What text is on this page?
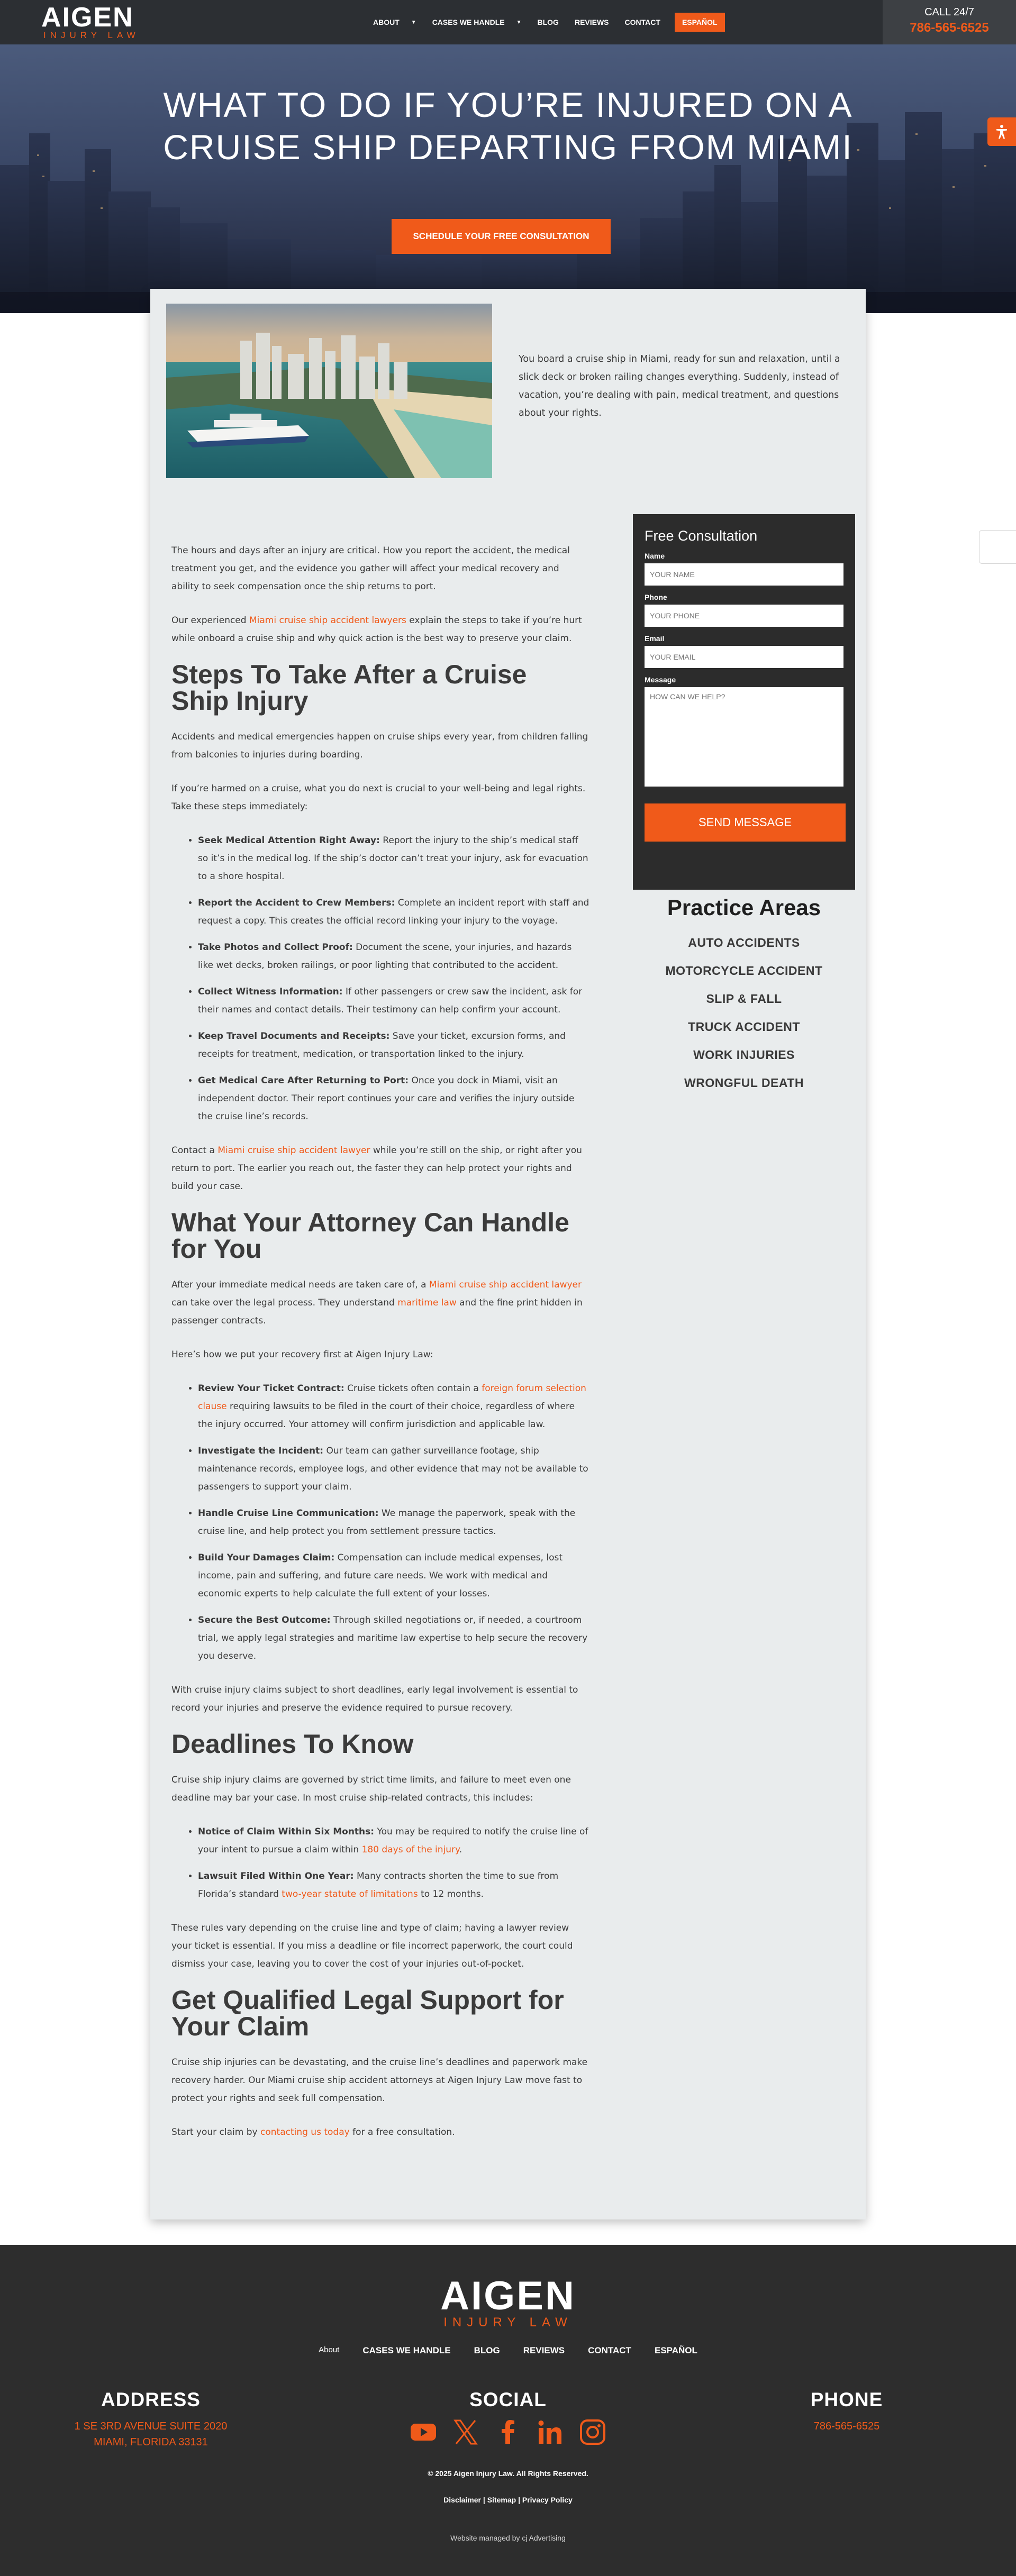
AIGEN
INJURY LAW
ABOUT ▼ CASES WE HANDLE ▼	BLOG	REVIEWS	CONTACT	ESPAÑOL
CALL 24/7
786-565-6525
WHAT TO DO IF YOU’RE INJURED ON A CRUISE SHIP DEPARTING FROM MIAMI
SCHEDULE YOUR FREE CONSULTATION

You board a cruise ship in Miami, ready for sun and relaxation, until a slick deck or broken railing changes everything. Suddenly, instead of vacation, you’re dealing with pain, medical treatment, and questions about your rights.

The hours and days after an injury are critical. How you report the accident, the medical treatment you get, and the evidence you gather will affect your medical recovery and ability to seek compensation once the ship returns to port.

Our experienced Miami cruise ship accident lawyers explain the steps to take if you’re hurt while onboard a cruise ship and why quick action is the best way to preserve your claim.

Steps To Take After a Cruise Ship Injury

Accidents and medical emergencies happen on cruise ships every year, from children falling from balconies to injuries during boarding.

If you’re harmed on a cruise, what you do next is crucial to your well-being and legal rights. Take these steps immediately:

• Seek Medical Attention Right Away: Report the injury to the ship’s medical staff so it’s in the medical log. If the ship’s doctor can’t treat your injury, ask for evacuation to a shore hospital.
• Report the Accident to Crew Members: Complete an incident report with staff and request a copy. This creates the official record linking your injury to the voyage.
• Take Photos and Collect Proof: Document the scene, your injuries, and hazards like wet decks, broken railings, or poor lighting that contributed to the accident.
• Collect Witness Information: If other passengers or crew saw the incident, ask for their names and contact details. Their testimony can help confirm your account.
• Keep Travel Documents and Receipts: Save your ticket, excursion forms, and receipts for treatment, medication, or transportation linked to the injury.
• Get Medical Care After Returning to Port: Once you dock in Miami, visit an independent doctor. Their report continues your care and verifies the injury outside the cruise line’s records.

Contact a Miami cruise ship accident lawyer while you’re still on the ship, or right after you return to port. The earlier you reach out, the faster they can help protect your rights and build your case.

What Your Attorney Can Handle for You

After your immediate medical needs are taken care of, a Miami cruise ship accident lawyer can take over the legal process. They understand maritime law and the fine print hidden in passenger contracts.

Here’s how we put your recovery first at Aigen Injury Law:

• Review Your Ticket Contract: Cruise tickets often contain a foreign forum selection clause requiring lawsuits to be filed in the court of their choice, regardless of where the injury occurred. Your attorney will confirm jurisdiction and applicable law.
• Investigate the Incident: Our team can gather surveillance footage, ship maintenance records, employee logs, and other evidence that may not be available to passengers to support your claim.
• Handle Cruise Line Communication: We manage the paperwork, speak with the cruise line, and help protect you from settlement pressure tactics.
• Build Your Damages Claim: Compensation can include medical expenses, lost income, pain and suffering, and future care needs. We work with medical and economic experts to help calculate the full extent of your losses.
• Secure the Best Outcome: Through skilled negotiations or, if needed, a courtroom trial, we apply legal strategies and maritime law expertise to help secure the recovery you deserve.

With cruise injury claims subject to short deadlines, early legal involvement is essential to record your injuries and preserve the evidence required to pursue recovery.

Deadlines To Know

Cruise ship injury claims are governed by strict time limits, and failure to meet even one deadline may bar your case. In most cruise ship-related contracts, this includes:

• Notice of Claim Within Six Months: You may be required to notify the cruise line of your intent to pursue a claim within 180 days of the injury.
• Lawsuit Filed Within One Year: Many contracts shorten the time to sue from Florida’s standard two-year statute of limitations to 12 months.

These rules vary depending on the cruise line and type of claim; having a lawyer review your ticket is essential. If you miss a deadline or file incorrect paperwork, the court could dismiss your case, leaving you to cover the cost of your injuries out-of-pocket.

Get Qualified Legal Support for Your Claim

Cruise ship injuries can be devastating, and the cruise line’s deadlines and paperwork make recovery harder. Our Miami cruise ship accident attorneys at Aigen Injury Law move fast to protect your rights and seek full compensation.

Start your claim by contacting us today for a free consultation.

Free Consultation
Name
YOUR NAME
Phone
YOUR PHONE
Email
YOUR EMAIL
Message
HOW CAN WE HELP?
SEND MESSAGE
Practice Areas
AUTO ACCIDENTS
MOTORCYCLE ACCIDENT
SLIP & FALL
TRUCK ACCIDENT
WORK INJURIES
WRONGFUL DEATH
AIGEN
INJURY LAW
About	CASES WE HANDLE	BLOG	REVIEWS	CONTACT	ESPAÑOL
ADDRESS
1 SE 3RD AVENUE SUITE 2020
MIAMI, FLORIDA 33131
SOCIAL	PHONE
786-565-6525
© 2025 Aigen Injury Law. All Rights Reserved.
Disclaimer | Sitemap | Privacy Policy
Website managed by cj Advertising
